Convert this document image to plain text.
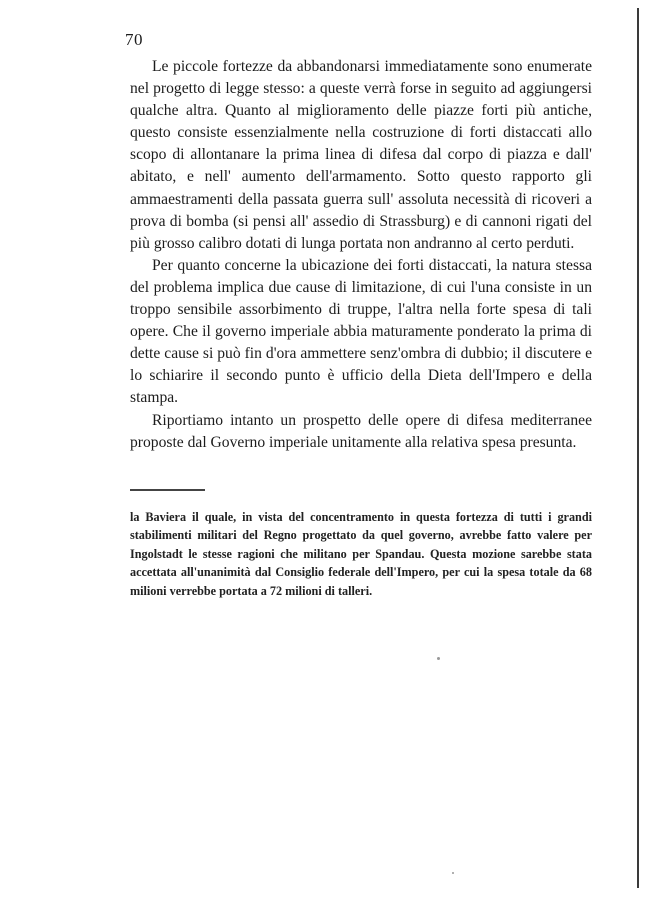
70

Le piccole fortezze da abbandonarsi immediatamente sono enumerate nel progetto di legge stesso: a queste verrà forse in seguito ad aggiungersi qualche altra. Quanto al miglioramento delle piazze forti più antiche, questo consiste essenzialmente nella costruzione di forti distaccati allo scopo di allontanare la prima linea di difesa dal corpo di piazza e dall' abitato, e nell' aumento dell'armamento. Sotto questo rapporto gli ammaestramenti della passata guerra sull' assoluta necessità di ricoveri a prova di bomba (si pensi all' assedio di Strassburg) e di cannoni rigati del più grosso calibro dotati di lunga portata non andranno al certo perduti.

Per quanto concerne la ubicazione dei forti distaccati, la natura stessa del problema implica due cause di limitazione, di cui l'una consiste in un troppo sensibile assorbimento di truppe, l'altra nella forte spesa di tali opere. Che il governo imperiale abbia maturamente ponderato la prima di dette cause si può fin d'ora ammettere senz'ombra di dubbio; il discutere e lo schiarire il secondo punto è ufficio della Dieta dell'Impero e della stampa.

Riportiamo intanto un prospetto delle opere di difesa mediterranee proposte dal Governo imperiale unitamente alla relativa spesa presunta.

la Baviera il quale, in vista del concentramento in questa fortezza di tutti i grandi stabilimenti militari del Regno progettato da quel governo, avrebbe fatto valere per Ingolstadt le stesse ragioni che militano per Spandau. Questa mozione sarebbe stata accettata all'unanimità dal Consiglio federale dell'Impero, per cui la spesa totale da 68 milioni verrebbe portata a 72 milioni di talleri.
